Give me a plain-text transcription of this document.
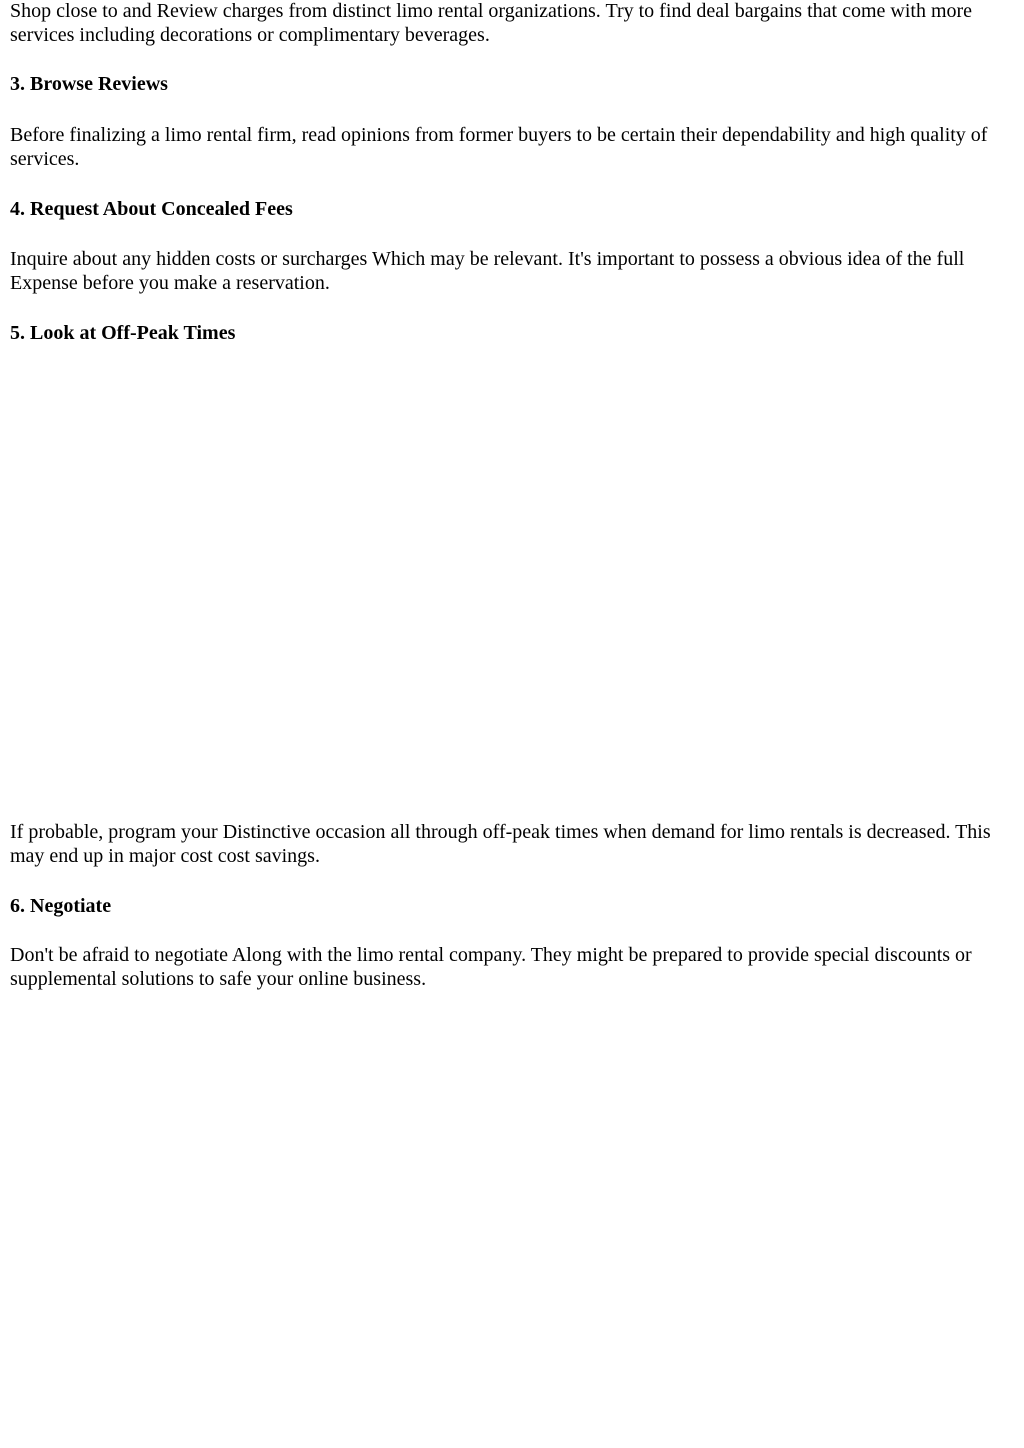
Shop close to and Review charges from distinct limo rental organizations. Try to find deal bargains that come with more services including decorations or complimentary beverages.

3. Browse Reviews

Before finalizing a limo rental firm, read opinions from former buyers to be certain their dependability and high quality of services.

4. Request About Concealed Fees

Inquire about any hidden costs or surcharges Which may be relevant. It's important to possess a obvious idea of the full Expense before you make a reservation.

5. Look at Off-Peak Times

If probable, program your Distinctive occasion all through off-peak times when demand for limo rentals is decreased. This may end up in major cost cost savings.

6. Negotiate

Don't be afraid to negotiate Along with the limo rental company. They might be prepared to provide special discounts or supplemental solutions to safe your online business.
